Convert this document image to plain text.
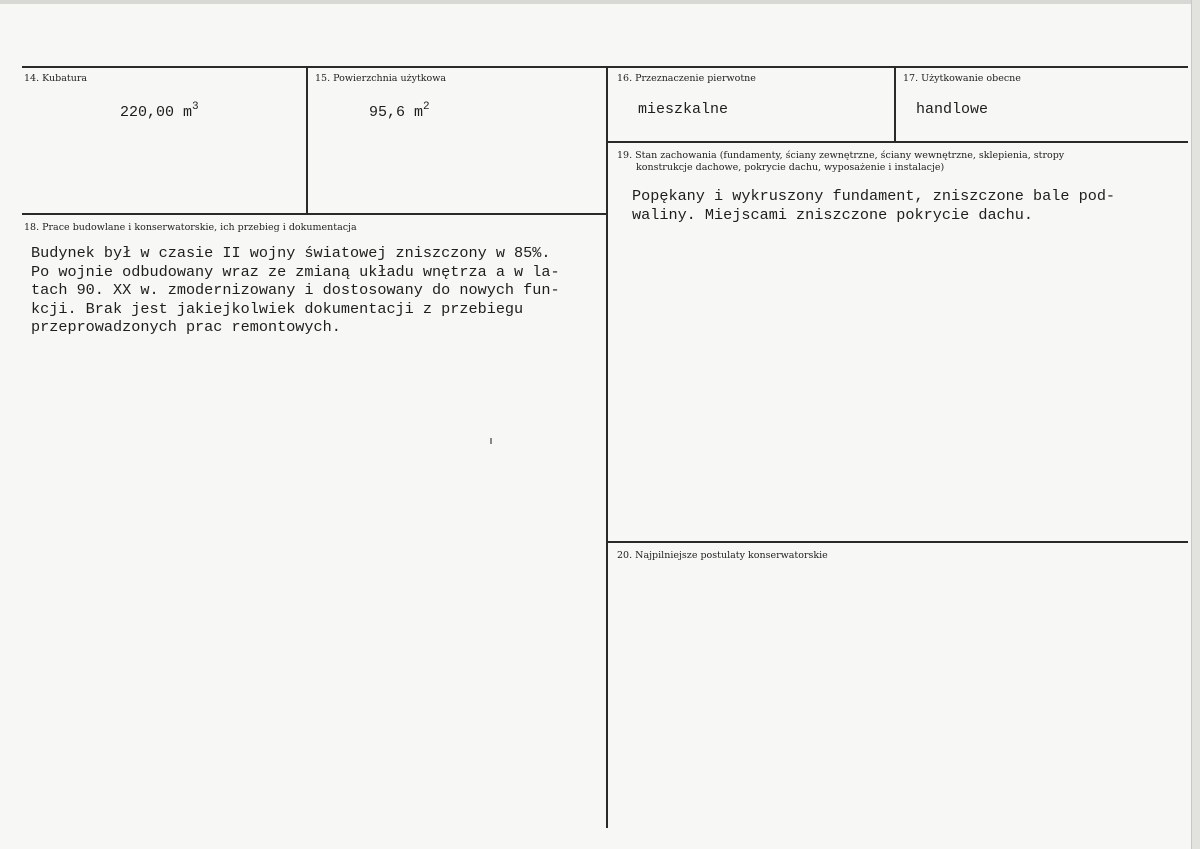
14. Kubatura
220,00 $m^3$
15. Powierzchnia użytkowa
95,6 $m^2$
16. Przeznaczenie pierwotne
mieszkalne
17. Użytkowanie obecne
handlowe
18. Prace budowlane i konserwatorskie, ich przebieg i dokumentacja
Budynek był w czasie II wojny światowej zniszczony w 85%.
Po wojnie odbudowany wraz ze zmianą układu wnętrza a w la-
tach 90. XX w. zmodernizowany i dostosowany do nowych fun-
kcji. Brak jest jakiejkolwiek dokumentacji z przebiegu
przeprowadzonych prac remontowych.
19. Stan zachowania (fundamenty, ściany zewnętrzne, ściany wewnętrzne, sklepienia, stropy
konstrukcje dachowe, pokrycie dachu, wyposażenie i instalacje)
Popękany i wykruszony fundament, zniszczone bale pod-
waliny. Miejscami zniszczone pokrycie dachu.
20. Najpilniejsze postulaty konserwatorskie
